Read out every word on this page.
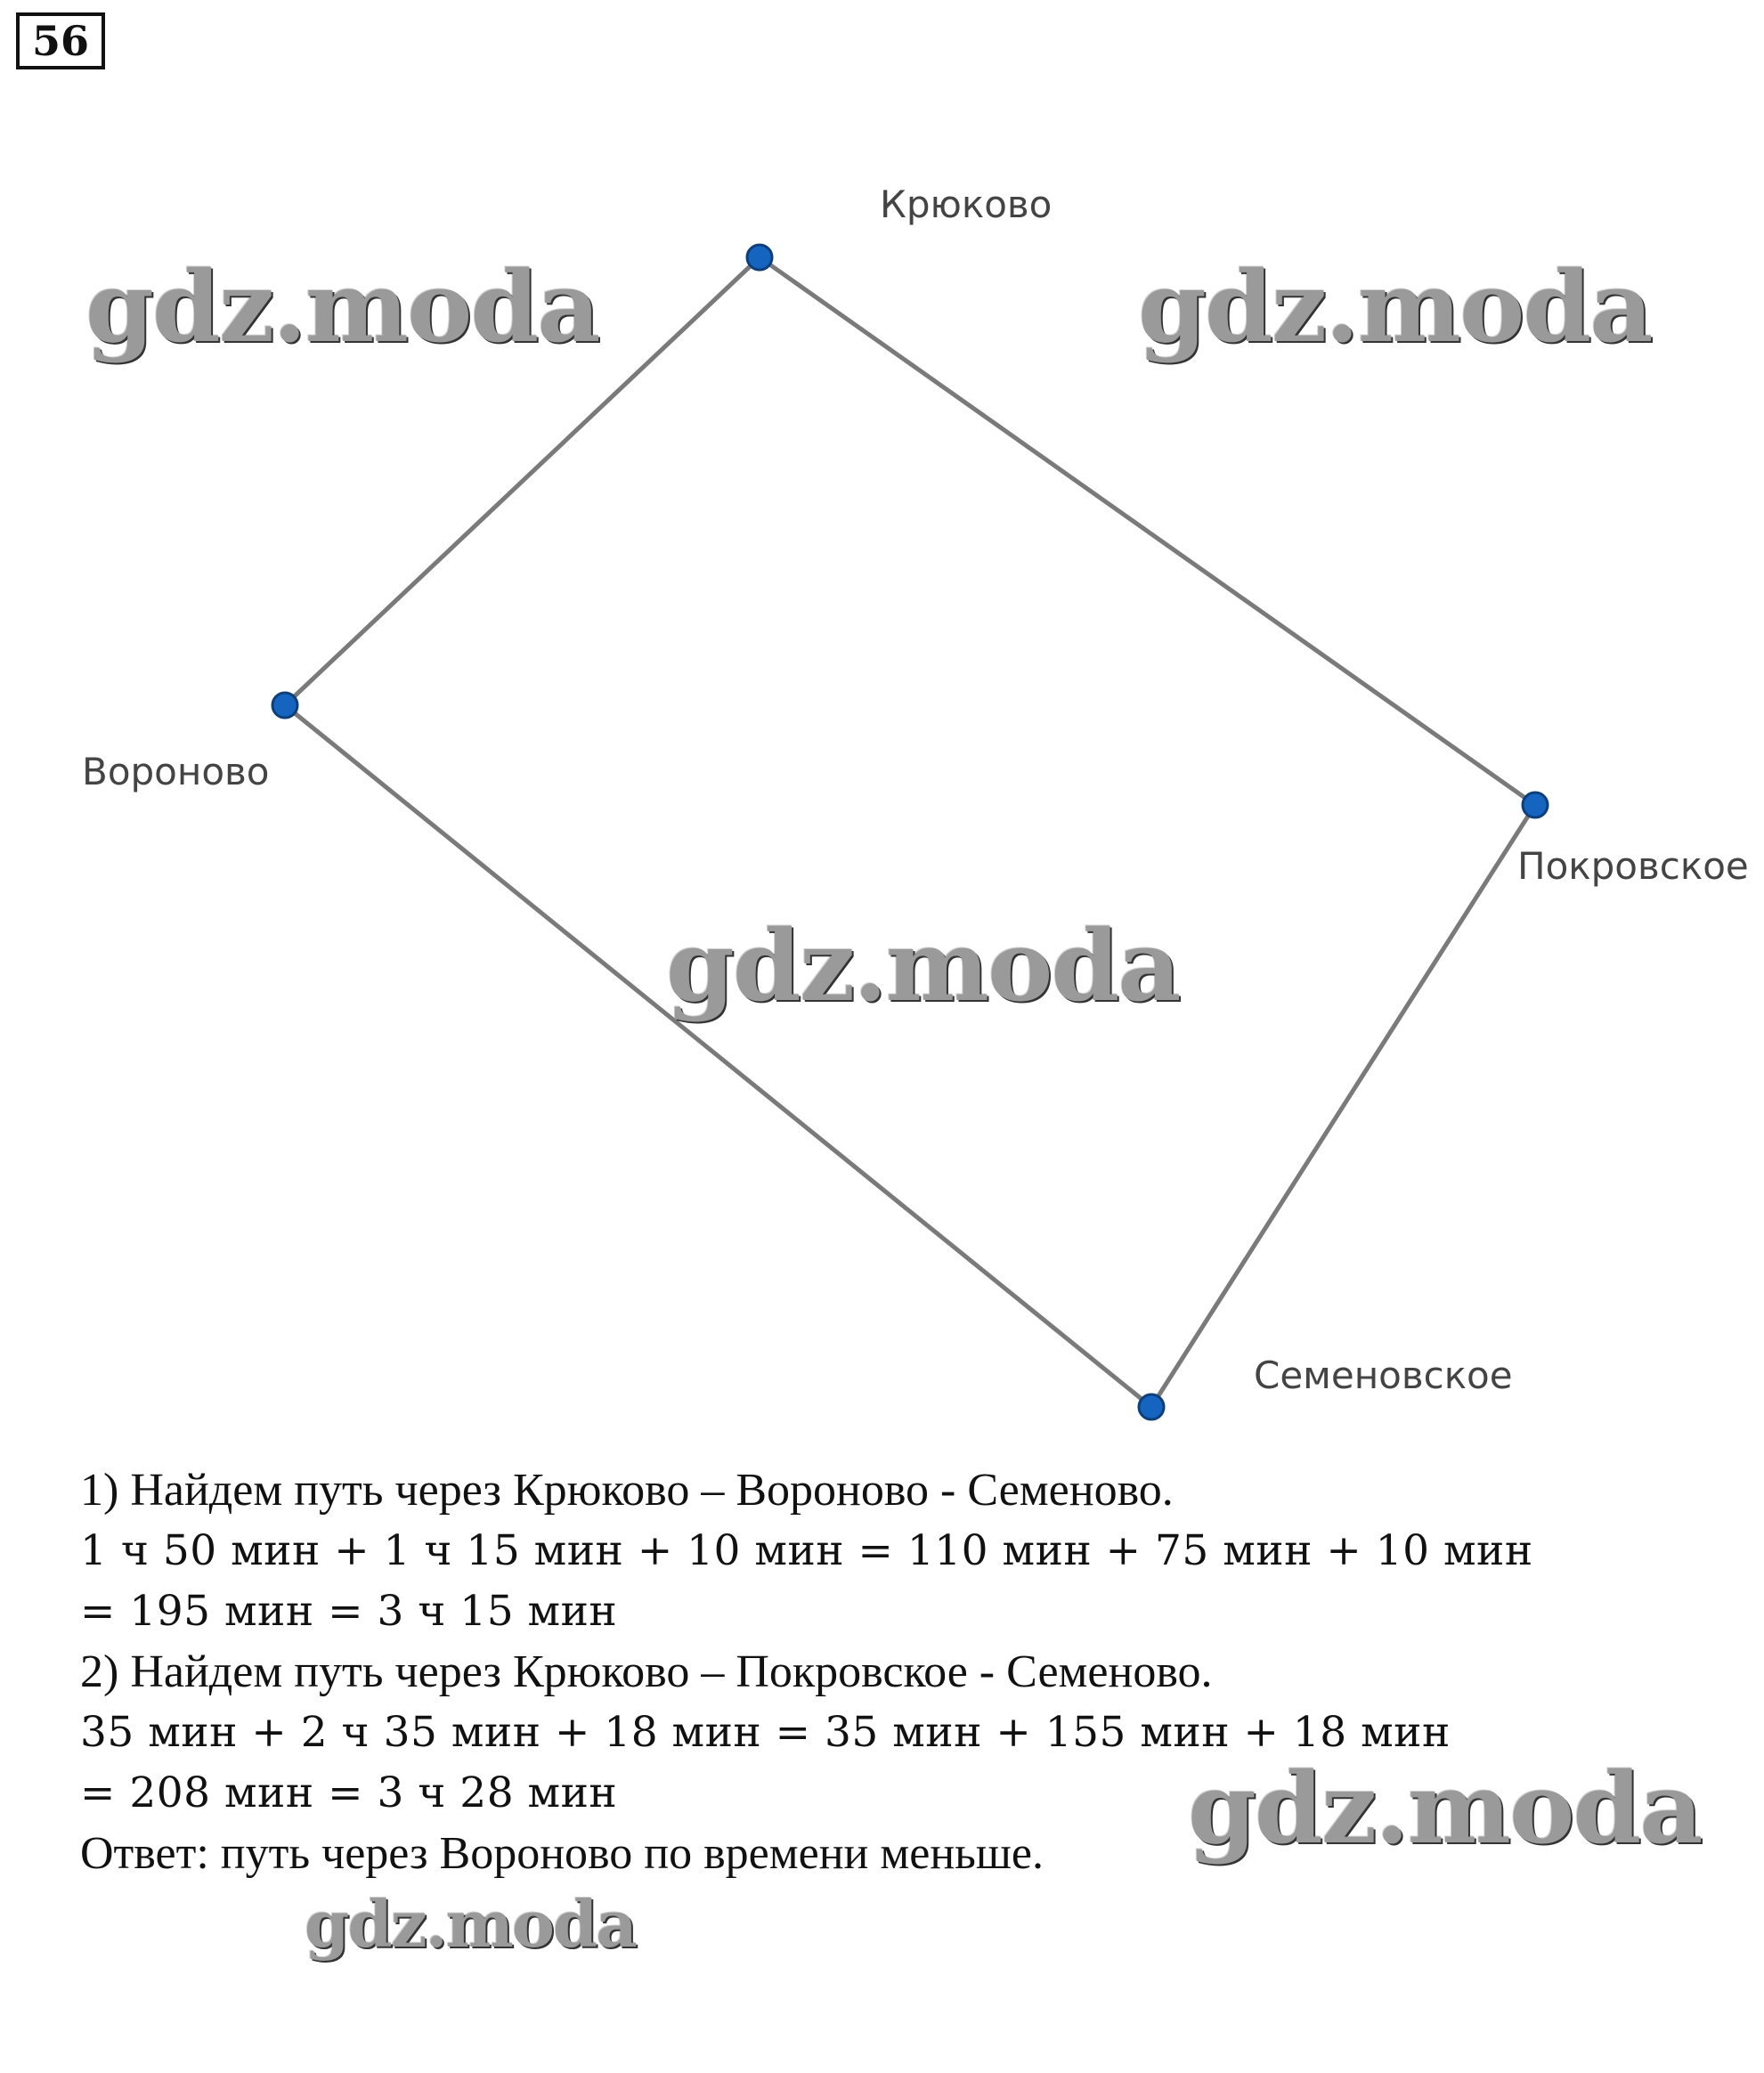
56
Крюково
Вороново
Покровское
Семеновское
gdz.moda	gdz.moda
gdz.moda
gdz.moda
gdz.moda
1) Найдем путь через Крюково – Вороново - Семеново.
1 ч 50 мин + 1 ч 15 мин + 10 мин = 110 мин + 75 мин + 10 мин
= 195 мин = 3 ч 15 мин
2) Найдем путь через Крюково – Покровское - Семеново.
35 мин + 2 ч 35 мин + 18 мин = 35 мин + 155 мин + 18 мин
= 208 мин = 3 ч 28 мин
Ответ: путь через Вороново по времени меньше.
